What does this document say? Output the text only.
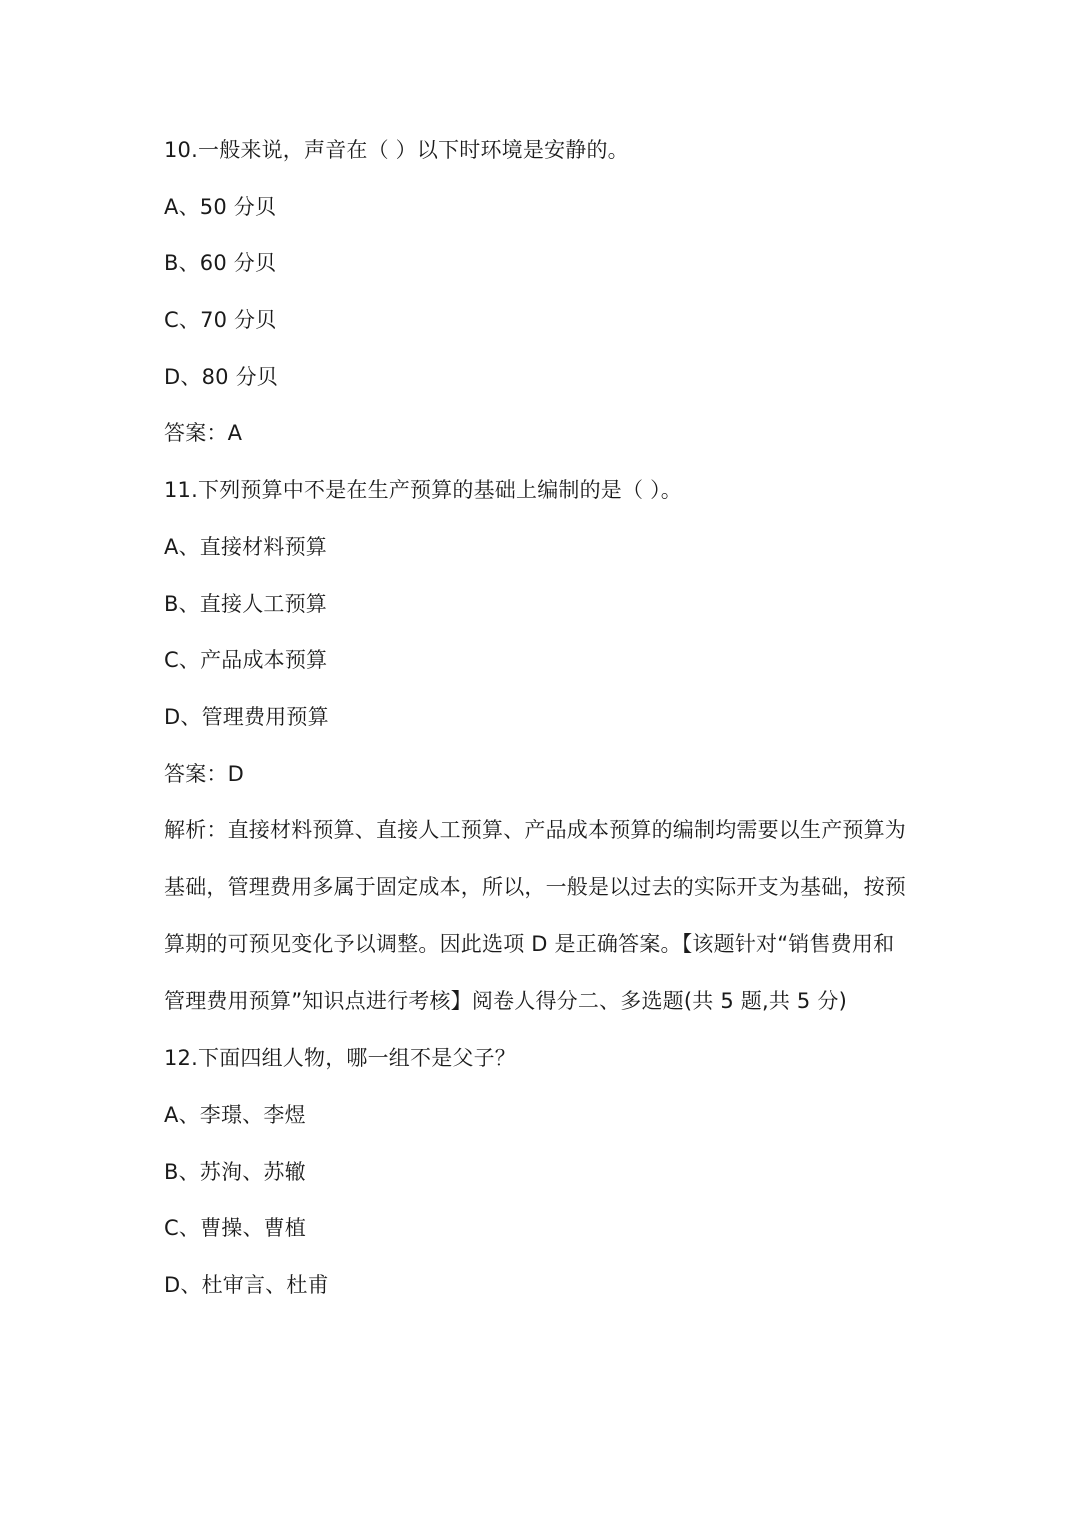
10.一般来说，声音在（ ）以下时环境是安静的。
A、50 分贝
B、60 分贝
C、70 分贝
D、80 分贝
答案：A
11.下列预算中不是在生产预算的基础上编制的是（ ）。
A、直接材料预算
B、直接人工预算
C、产品成本预算
D、管理费用预算
答案：D
解析：直接材料预算、直接人工预算、产品成本预算的编制均需要以生产预算为基础，管理费用多属于固定成本，所以，一般是以过去的实际开支为基础，按预算期的可预见变化予以调整。因此选项 D 是正确答案。【该题针对“销售费用和管理费用预算”知识点进行考核】阅卷人得分二、多选题(共 5 题,共 5 分)
12.下面四组人物，哪一组不是父子？
A、李璟、李煜
B、苏洵、苏辙
C、曹操、曹植
D、杜审言、杜甫
